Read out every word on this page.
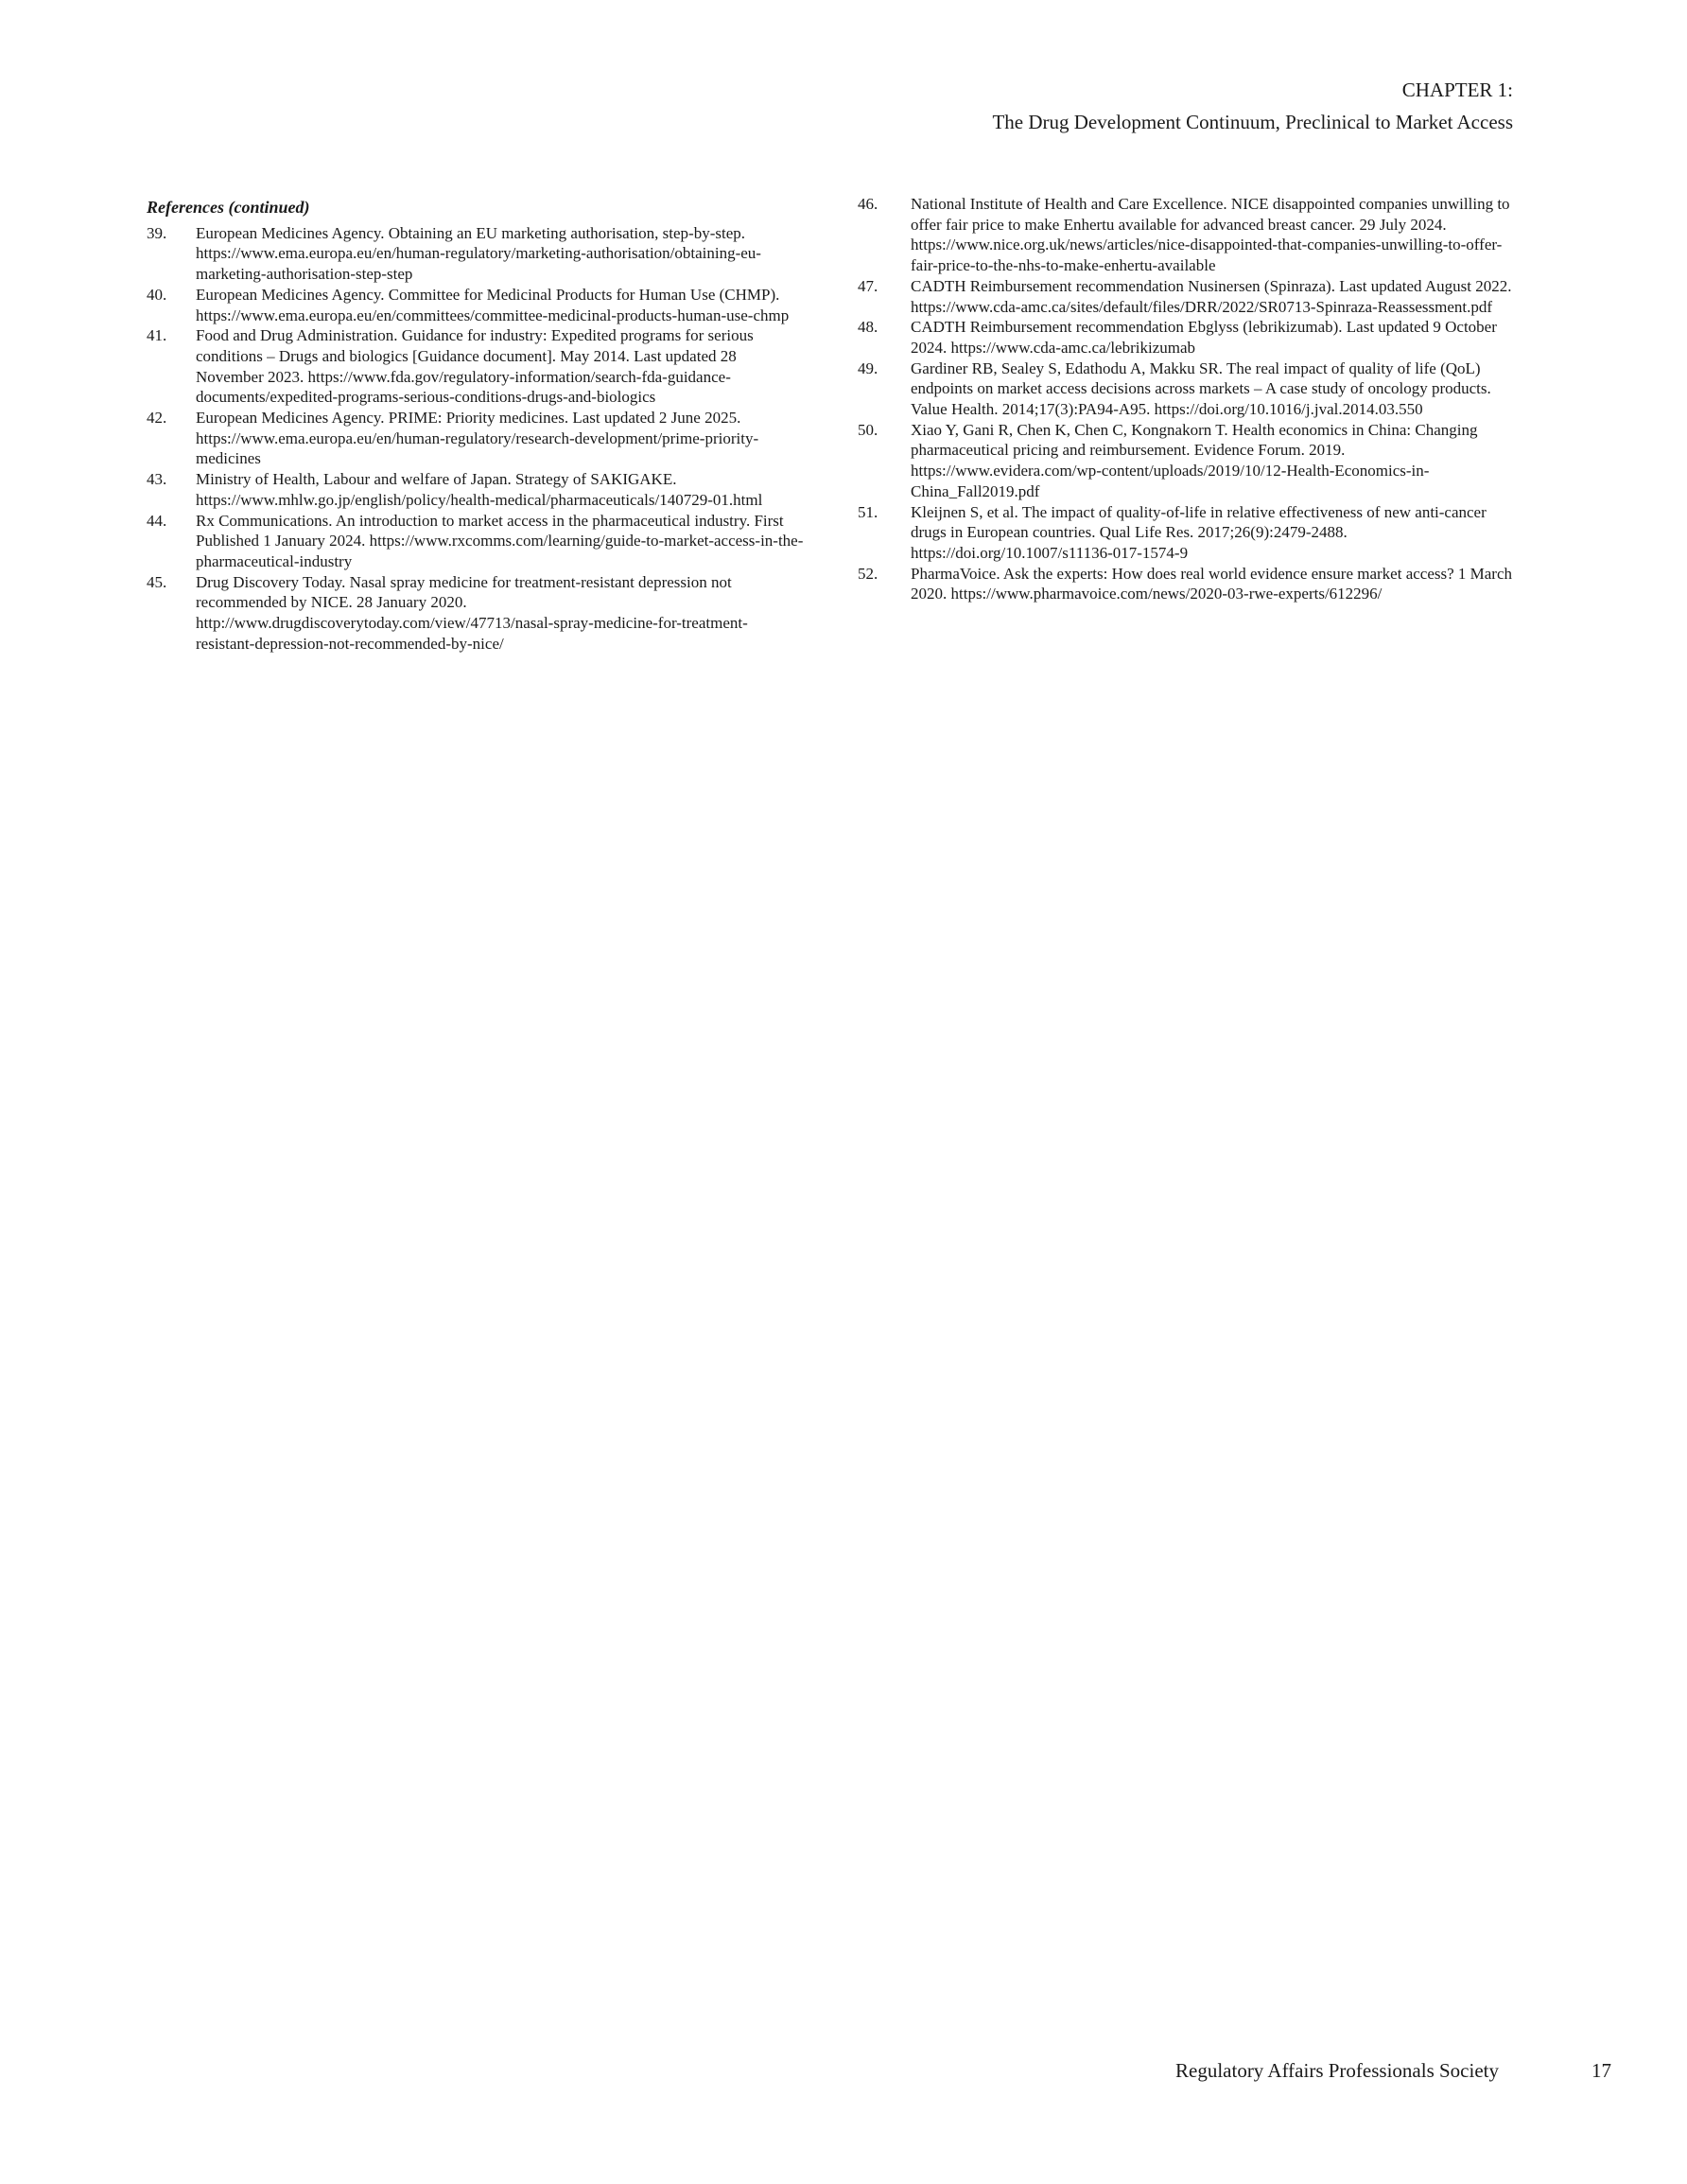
CHAPTER 1:
The Drug Development Continuum, Preclinical to Market Access
References (continued)
39.	European Medicines Agency. Obtaining an EU marketing authorisation, step-by-step. https://www.ema.europa.eu/en/human-regulatory/marketing-authorisation/obtaining-eu-marketing-authorisation-step-step
40.	European Medicines Agency. Committee for Medicinal Products for Human Use (CHMP). https://www.ema.europa.eu/en/committees/committee-medicinal-products-human-use-chmp
41.	Food and Drug Administration. Guidance for industry: Expedited programs for serious conditions – Drugs and biologics [Guidance document]. May 2014. Last updated 28 November 2023. https://www.fda.gov/regulatory-information/search-fda-guidance-documents/expedited-programs-serious-conditions-drugs-and-biologics
42.	European Medicines Agency. PRIME: Priority medicines. Last updated 2 June 2025. https://www.ema.europa.eu/en/human-regulatory/research-development/prime-priority-medicines
43.	Ministry of Health, Labour and welfare of Japan. Strategy of SAKIGAKE. https://www.mhlw.go.jp/english/policy/health-medical/pharmaceuticals/140729-01.html
44.	Rx Communications. An introduction to market access in the pharmaceutical industry. First Published 1 January 2024. https://www.rxcomms.com/learning/guide-to-market-access-in-the-pharmaceutical-industry
45.	Drug Discovery Today. Nasal spray medicine for treatment-resistant depression not recommended by NICE. 28 January 2020. http://www.drugdiscoverytoday.com/view/47713/nasal-spray-medicine-for-treatment-resistant-depression-not-recommended-by-nice/
46.	National Institute of Health and Care Excellence. NICE disappointed companies unwilling to offer fair price to make Enhertu available for advanced breast cancer. 29 July 2024. https://www.nice.org.uk/news/articles/nice-disappointed-that-companies-unwilling-to-offer-fair-price-to-the-nhs-to-make-enhertu-available
47.	CADTH Reimbursement recommendation Nusinersen (Spinraza). Last updated August 2022. https://www.cda-amc.ca/sites/default/files/DRR/2022/SR0713-Spinraza-Reassessment.pdf
48.	CADTH Reimbursement recommendation Ebglyss (lebrikizumab). Last updated 9 October 2024. https://www.cda-amc.ca/lebrikizumab
49.	Gardiner RB, Sealey S, Edathodu A, Makku SR. The real impact of quality of life (QoL) endpoints on market access decisions across markets – A case study of oncology products. Value Health. 2014;17(3):PA94-A95. https://doi.org/10.1016/j.jval.2014.03.550
50.	Xiao Y, Gani R, Chen K, Chen C, Kongnakorn T. Health economics in China: Changing pharmaceutical pricing and reimbursement. Evidence Forum. 2019. https://www.evidera.com/wp-content/uploads/2019/10/12-Health-Economics-in-China_Fall2019.pdf
51.	Kleijnen S, et al. The impact of quality-of-life in relative effectiveness of new anti-cancer drugs in European countries. Qual Life Res. 2017;26(9):2479-2488. https://doi.org/10.1007/s11136-017-1574-9
52.	PharmaVoice. Ask the experts: How does real world evidence ensure market access? 1 March 2020. https://www.pharmavoice.com/news/2020-03-rwe-experts/612296/
Regulatory Affairs Professionals Society	17
